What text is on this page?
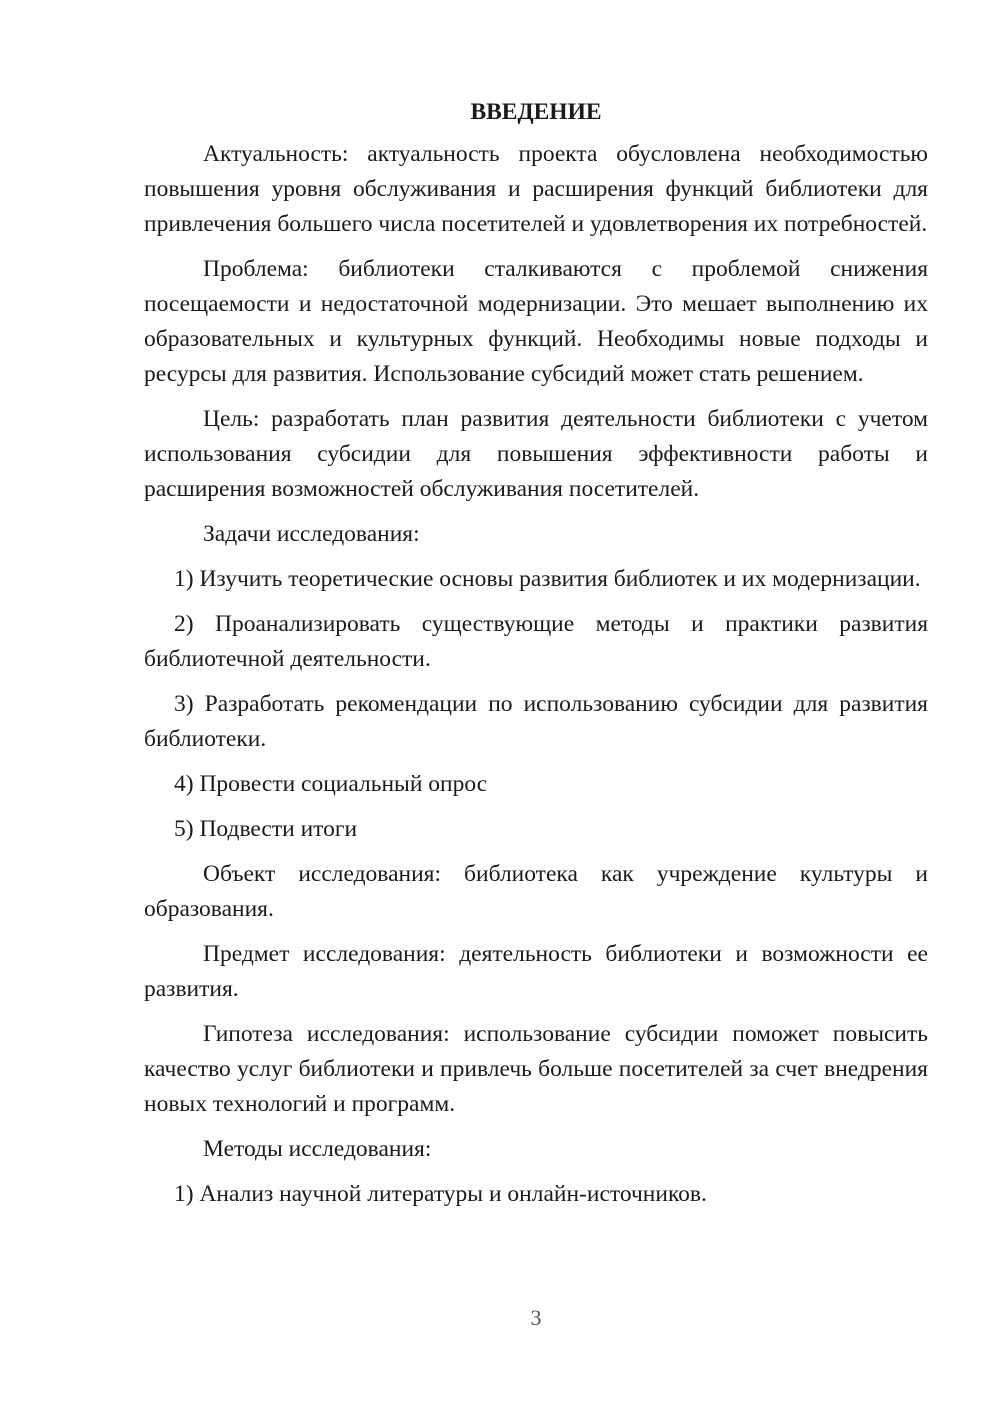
ВВЕДЕНИЕ

Актуальность: актуальность проекта обусловлена необходимостью повышения уровня обслуживания и расширения функций библиотеки для привлечения большего числа посетителей и удовлетворения их потребностей.

Проблема: библиотеки сталкиваются с проблемой снижения посещаемости и недостаточной модернизации. Это мешает выполнению их образовательных и культурных функций. Необходимы новые подходы и ресурсы для развития. Использование субсидий может стать решением.

Цель: разработать план развития деятельности библиотеки с учетом использования субсидии для повышения эффективности работы и расширения возможностей обслуживания посетителей.

Задачи исследования:

1) Изучить теоретические основы развития библиотек и их модернизации.

2) Проанализировать существующие методы и практики развития библиотечной деятельности.

3) Разработать рекомендации по использованию субсидии для развития библиотеки.

4) Провести социальный опрос

5) Подвести итоги

Объект исследования: библиотека как учреждение культуры и образования.

Предмет исследования: деятельность библиотеки и возможности ее развития.

Гипотеза исследования: использование субсидии поможет повысить качество услуг библиотеки и привлечь больше посетителей за счет внедрения новых технологий и программ.

Методы исследования:

1) Анализ научной литературы и онлайн-источников.

3
